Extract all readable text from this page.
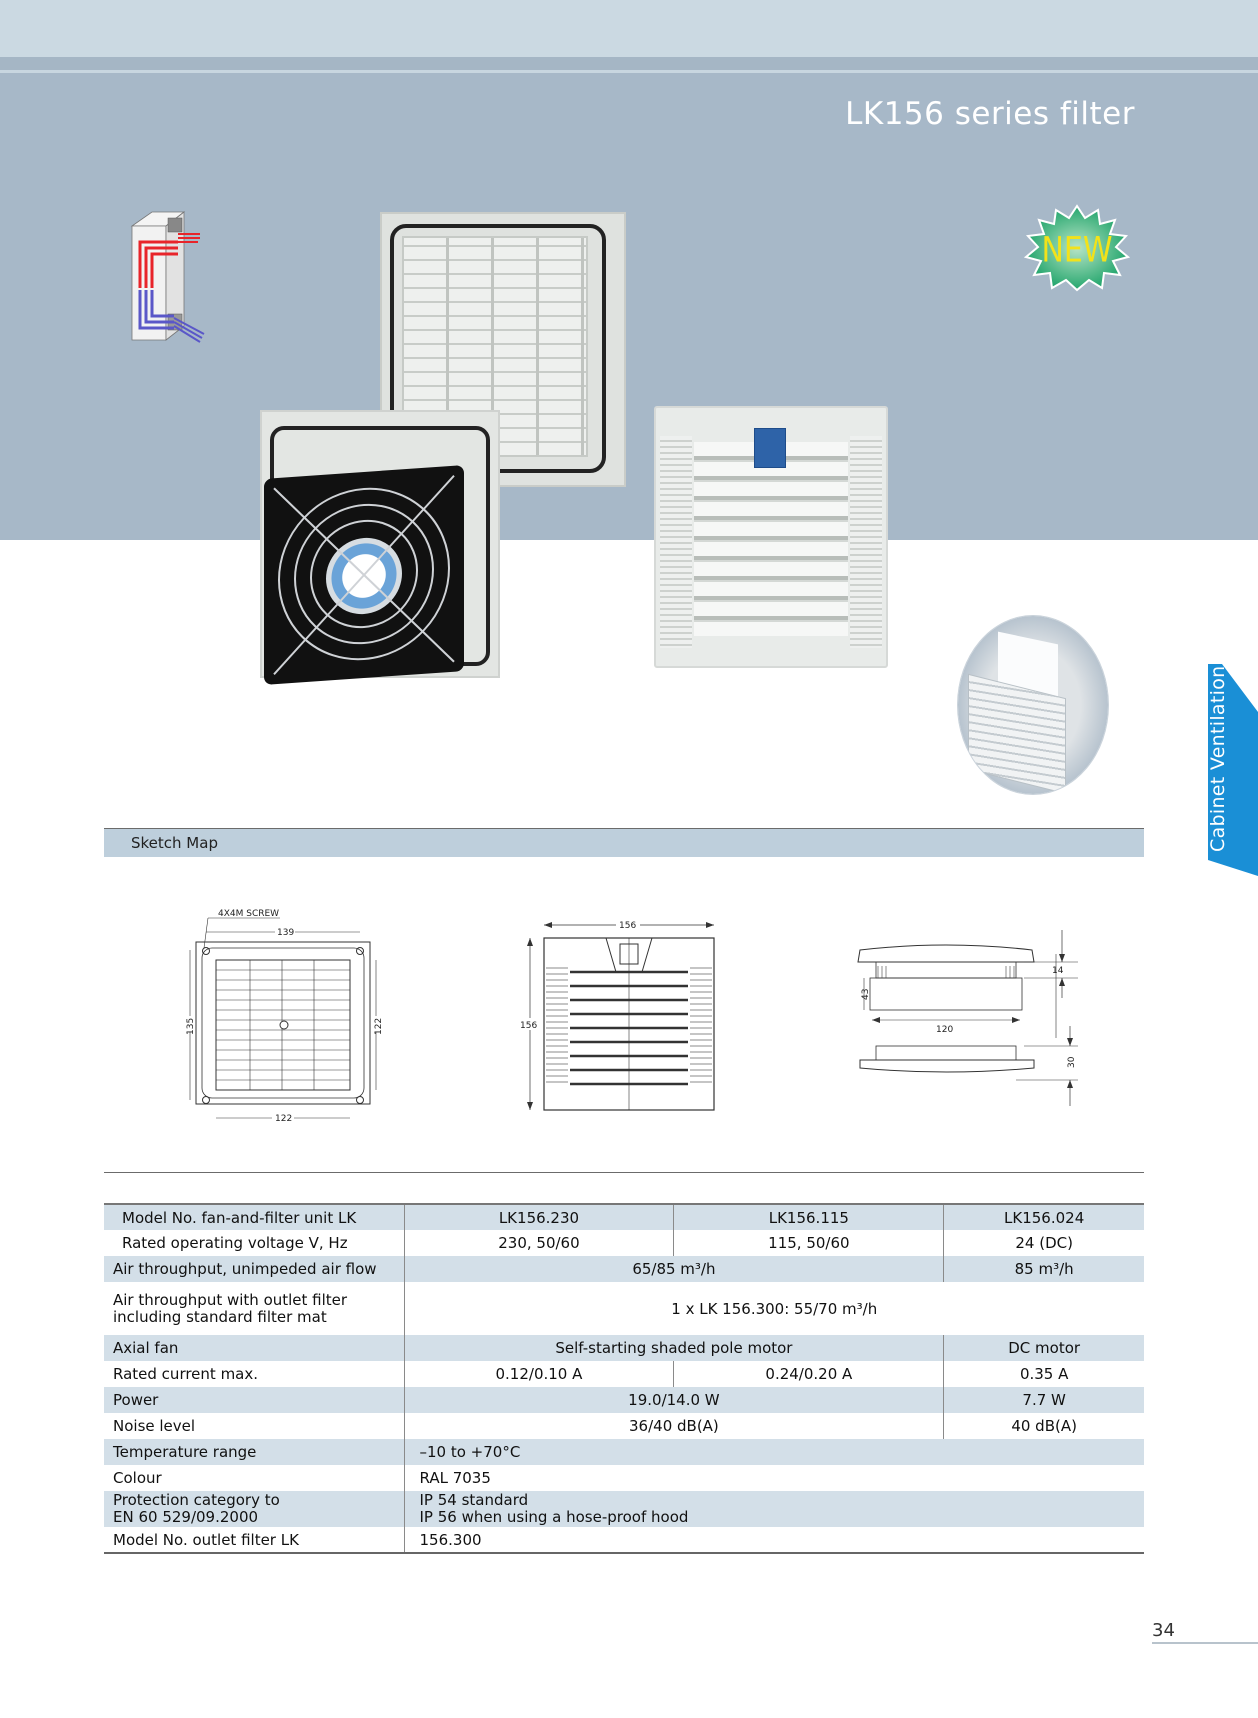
LK156 series filter
NEW
Cabinet Ventilation
Sketch Map
4X4M SCREW
139
135	122
122
156
156
43
120
14
30
Model No. fan-and-filter unit LK	LK156.230	LK156.115	LK156.024
Rated operating voltage V, Hz	230, 50/60	115, 50/60	24 (DC)
Air throughput, unimpeded air flow	65/85 m³/h		85 m³/h

Air throughput with outlet filter
including standard filter mat	1 x LK 156.300: 55/70 m³/h		
Axial fan	Self-starting shaded pole motor		DC motor
Rated current max.	0.12/0.10 A	0.24/0.20 A	0.35 A
Power	19.0/14.0 W		7.7 W
Noise level	36/40 dB(A)		40 dB(A)
Temperature range	–10 to +70°C		
Colour	RAL 7035		

Protection category to
EN 60 529/09.2000	IP 54 standard
IP 56 when using a hose-proof hood		

Model No. outlet filter LK	156.300		
34
